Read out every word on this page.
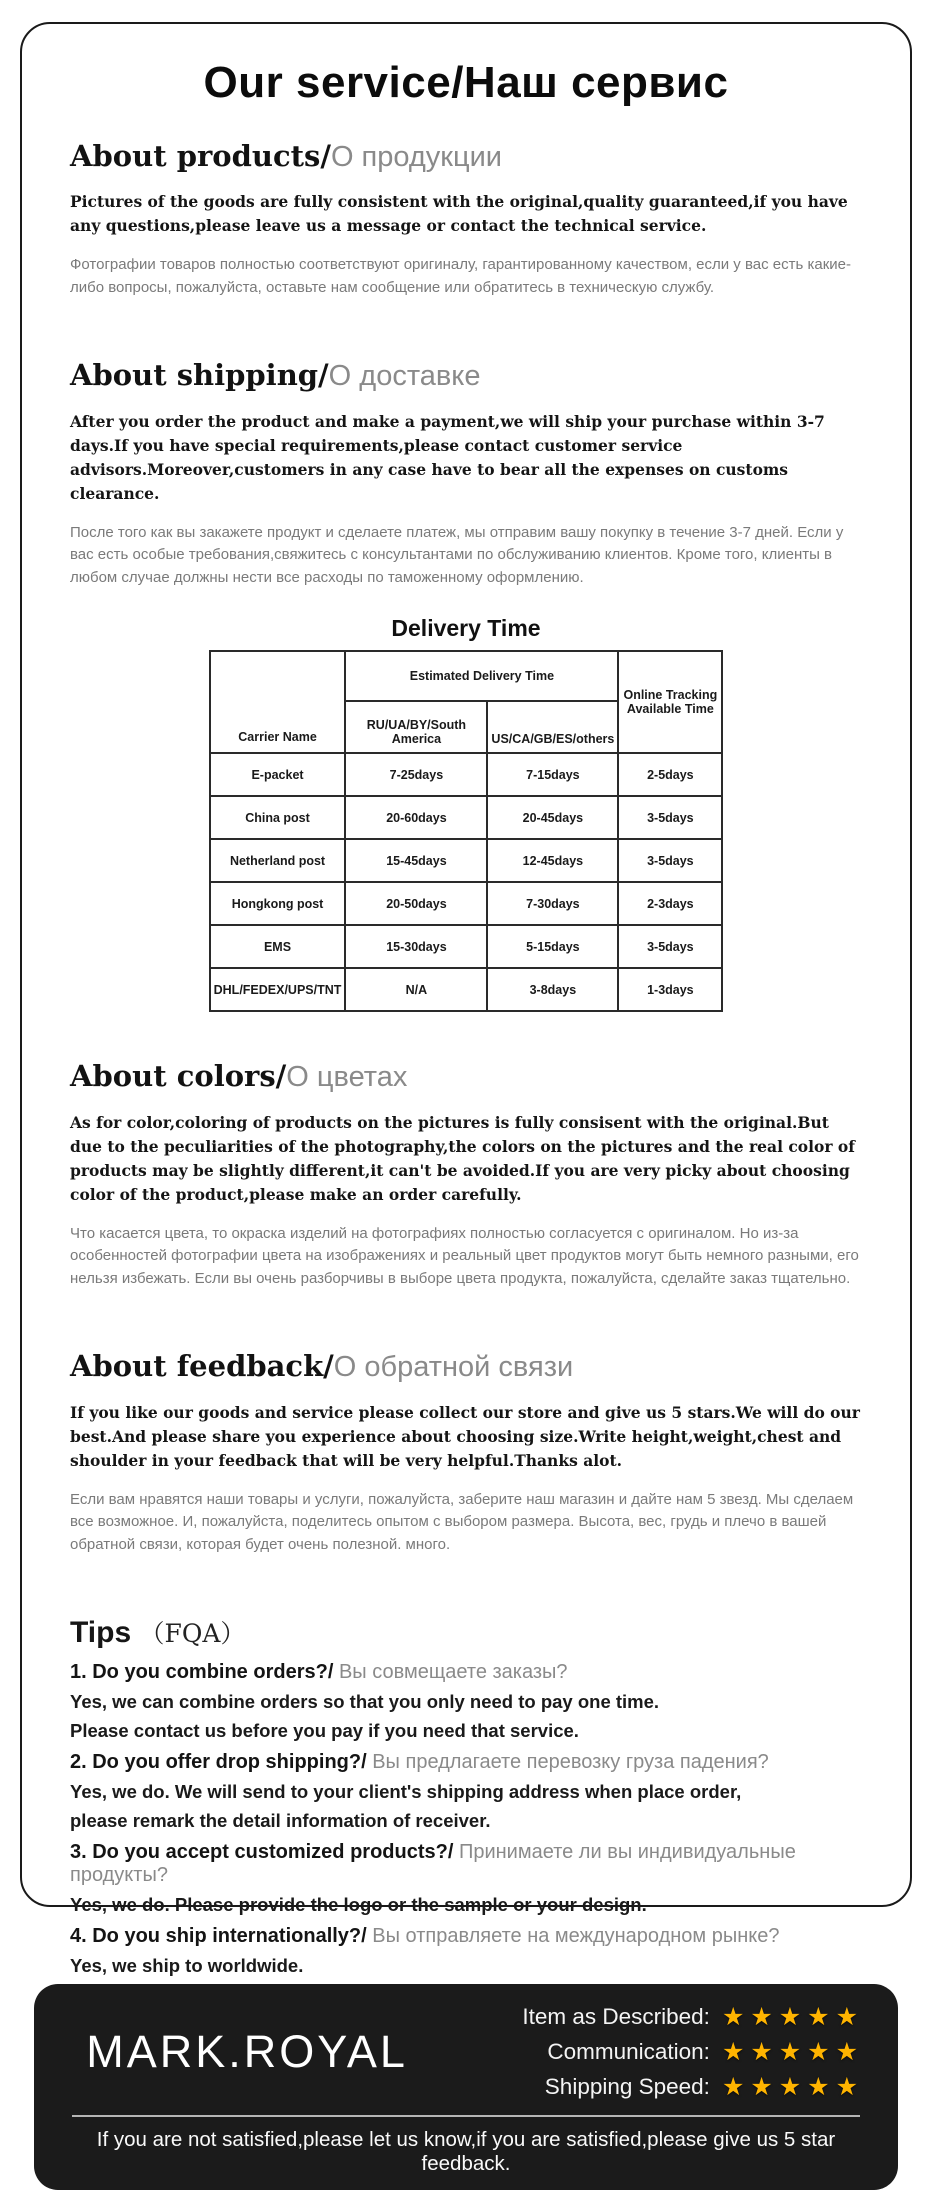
Our service/Наш сервис
About products/О продукции

Pictures of the goods are fully consistent with the original,quality guaranteed,if you have any questions,please leave us a message or contact the technical service.

Фотографии товаров полностью соответствуют оригиналу, гарантированному качеством, если у вас есть какие-либо вопросы, пожалуйста, оставьте нам сообщение или обратитесь в техническую службу.

About shipping/О доставке

After you order the product and make a payment,we will ship your purchase within 3-7 days.If you have special requirements,please contact customer service advisors.Moreover,customers in any case have to bear all the expenses on customs clearance.

После того как вы закажете продукт и сделаете платеж, мы отправим вашу покупку в течение 3-7 дней. Если у вас есть особые требования,свяжитесь с консультантами по обслуживанию клиентов. Кроме того, клиенты в любом случае должны нести все расходы по таможенному оформлению.

Delivery Time
Carrier Name	Estimated Delivery Time		Online Tracking Available Time
	RU/UA/BY/South America	US/CA/GB/ES/others	
E-packet	7-25days	7-15days	2-5days
China post	20-60days	20-45days	3-5days
Netherland post	15-45days	12-45days	3-5days
Hongkong post	20-50days	7-30days	2-3days
EMS	15-30days	5-15days	3-5days
DHL/FEDEX/UPS/TNT	N/A	3-8days	1-3days
About colors/О цветах

As for color,coloring of products on the pictures is fully consisent with the original.But due to the peculiarities of the photography,the colors on the pictures and the real color of products may be slightly different,it can't be avoided.If you are very picky about choosing color of the product,please make an order carefully.

Что касается цвета, то окраска изделий на фотографиях полностью согласуется с оригиналом. Но из-за особенностей фотографии цвета на изображениях и реальный цвет продуктов могут быть немного разными, его нельзя избежать. Если вы очень разборчивы в выборе цвета продукта, пожалуйста, сделайте заказ тщательно.

About feedback/О обратной связи

If you like our goods and service please collect our store and give us 5 stars.We will do our best.And please share you experience about choosing size.Write height,weight,chest and shoulder in your feedback that will be very helpful.Thanks alot.

Если вам нравятся наши товары и услуги, пожалуйста, заберите наш магазин и дайте нам 5 звезд. Мы сделаем все возможное. И, пожалуйста, поделитесь опытом с выбором размера. Высота, вес, грудь и плечо в вашей обратной связи, которая будет очень полезной. много.

Tips （FQA）

1. Do you combine orders?/ Вы совмещаете заказы?

Yes, we can combine orders so that you only need to pay one time.

Please contact us before you pay if you need that service.

2. Do you offer drop shipping?/ Вы предлагаете перевозку груза падения?

Yes, we do. We will send to your client's shipping address when place order,

please remark the detail information of receiver.

3. Do you accept customized products?/ Принимаете ли вы индивидуальные продукты?

Yes, we do. Please provide the logo or the sample or your design.

4. Do you ship internationally?/ Вы отправляете на международном рынке?

Yes, we ship to worldwide.

MARK.ROYAL
Item as Described: ★★★★★
Communication: ★★★★★
Shipping Speed: ★★★★★
If you are not satisfied,please let us know,if you are satisfied,please give us 5 star feedback.
